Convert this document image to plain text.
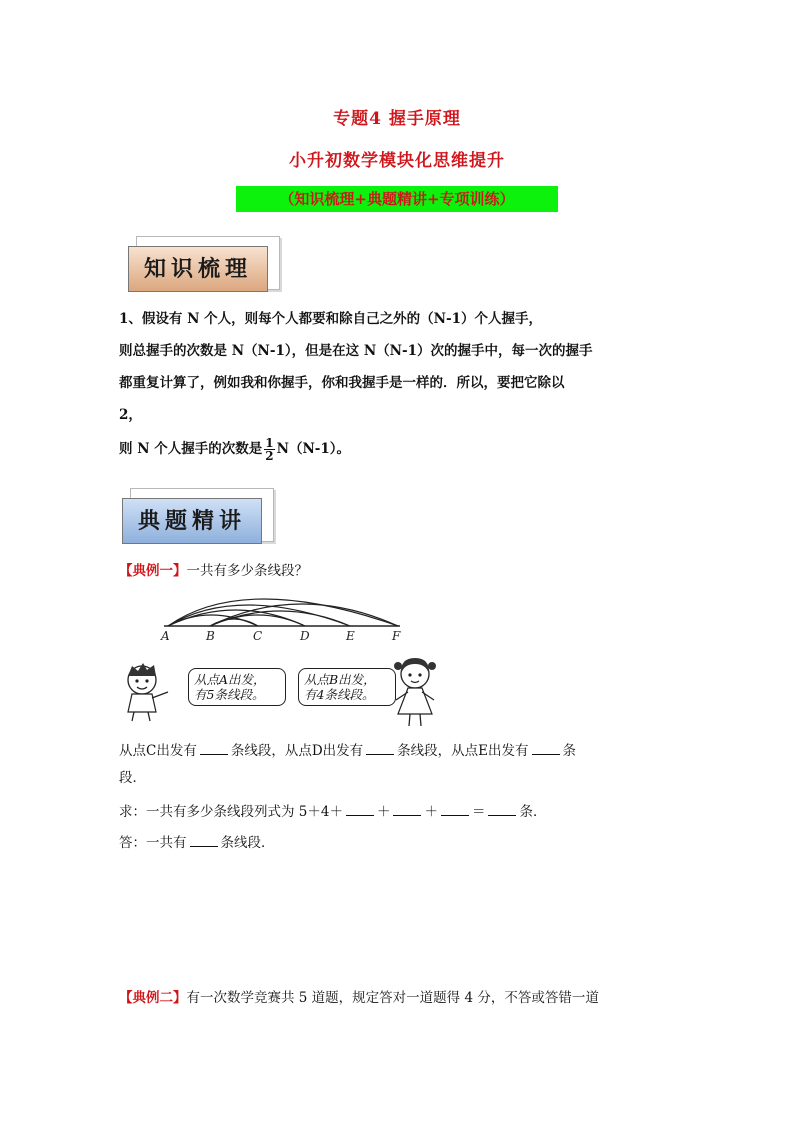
专题4 握手原理
小升初数学模块化思维提升
（知识梳理+典题精讲+专项训练）
知识梳理
1、假设有 N 个人，则每个人都要和除自己之外的（N-1）个人握手，
则总握手的次数是 N（N-1），但是在这 N（N-1）次的握手中，每一次的握手
都重复计算了，例如我和你握手，你和我握手是一样的．所以，要把它除以
2，
则 N 个人握手的次数是 $\frac{1}{2} N(N-1)$。
典题精讲
【典例一】一共有多少条线段？
A	B	C	D	E	F
从点A出发，
有5条线段。
从点B出发，
有4条线段。
从点C出发有	条线段，从点D出发有	条线段，从点E出发有	条
段．
求：一共有多少条线段列式为 5＋4＋	＋	＋	＝	条．
答：一共有	条线段．
【典例二】有一次数学竞赛共 5 道题，规定答对一道题得 4 分，不答或答错一道
